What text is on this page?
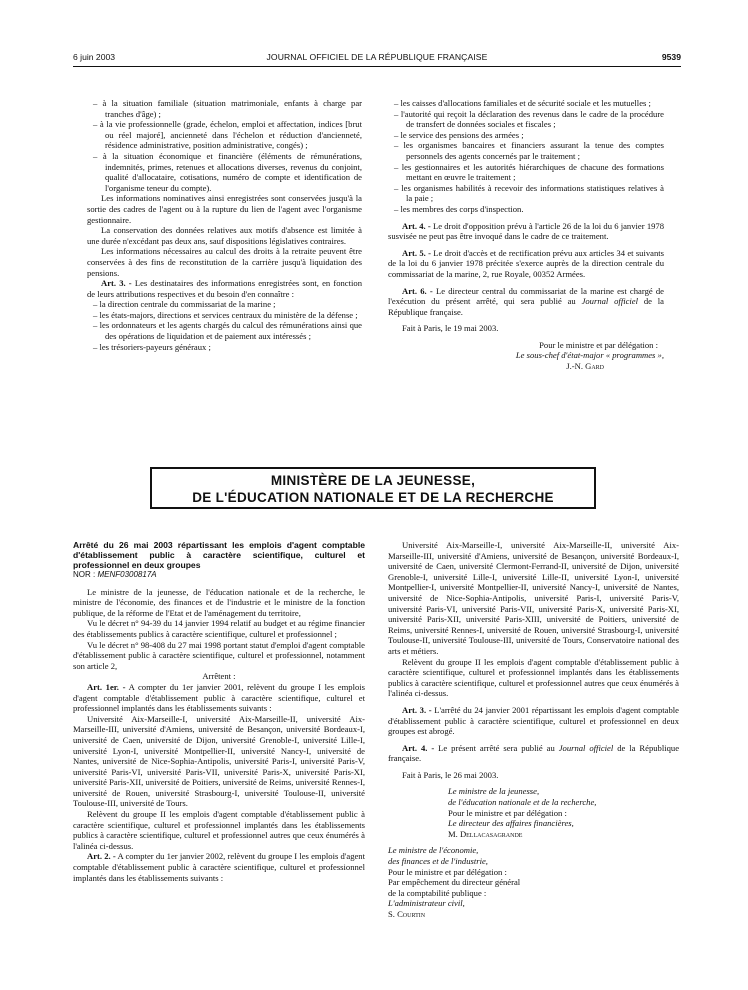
6 juin 2003	JOURNAL OFFICIEL DE LA RÉPUBLIQUE FRANÇAISE	9539

– à la situation familiale (situation matrimoniale, enfants à charge par tranches d'âge) ;

– à la vie professionnelle (grade, échelon, emploi et affectation, indices [brut ou réel majoré], ancienneté dans l'échelon et réduction d'ancienneté, résidence administrative, position administrative, congés) ;

– à la situation économique et financière (éléments de rémunérations, indemnités, primes, retenues et allocations diverses, revenus du conjoint, qualité d'allocataire, cotisations, numéro de compte et identification de l'organisme teneur du compte).

Les informations nominatives ainsi enregistrées sont conservées jusqu'à la sortie des cadres de l'agent ou à la rupture du lien de l'agent avec l'organisme gestionnaire.

La conservation des données relatives aux motifs d'absence est limitée à une durée n'excédant pas deux ans, sauf dispositions législatives contraires.

Les informations nécessaires au calcul des droits à la retraite peuvent être conservées à des fins de reconstitution de la carrière jusqu'à liquidation des pensions.

Art. 3. - Les destinataires des informations enregistrées sont, en fonction de leurs attributions respectives et du besoin d'en connaître :

– la direction centrale du commissariat de la marine ;

– les états-majors, directions et services centraux du ministère de la défense ;

– les ordonnateurs et les agents chargés du calcul des rémunérations ainsi que des opérations de liquidation et de paiement aux intéressés ;

– les trésoriers-payeurs généraux ;

– les caisses d'allocations familiales et de sécurité sociale et les mutuelles ;

– l'autorité qui reçoit la déclaration des revenus dans le cadre de la procédure de transfert de données sociales et fiscales ;

– le service des pensions des armées ;

– les organismes bancaires et financiers assurant la tenue des comptes personnels des agents concernés par le traitement ;

– les gestionnaires et les autorités hiérarchiques de chacune des formations mettant en œuvre le traitement ;

– les organismes habilités à recevoir des informations statistiques relatives à la paie ;

– les membres des corps d'inspection.

Art. 4. - Le droit d'opposition prévu à l'article 26 de la loi du 6 janvier 1978 susvisée ne peut pas être invoqué dans le cadre de ce traitement.

Art. 5. - Le droit d'accès et de rectification prévu aux articles 34 et suivants de la loi du 6 janvier 1978 précitée s'exerce auprès de la direction centrale du commissariat de la marine, 2, rue Royale, 00352 Armées.

Art. 6. - Le directeur central du commissariat de la marine est chargé de l'exécution du présent arrêté, qui sera publié au Journal officiel de la République française.

Fait à Paris, le 19 mai 2003.

Pour le ministre et par délégation :

Le sous-chef d'état-major « programmes »,

J.-N. Gard

MINISTÈRE DE LA JEUNESSE,
DE L'ÉDUCATION NATIONALE ET DE LA RECHERCHE

Arrêté du 26 mai 2003 répartissant les emplois d'agent comptable d'établissement public à caractère scientifique, culturel et professionnel en deux groupes

NOR : MENF0300817A

Le ministre de la jeunesse, de l'éducation nationale et de la recherche, le ministre de l'économie, des finances et de l'industrie et le ministre de la fonction publique, de la réforme de l'Etat et de l'aménagement du territoire,

Vu le décret n° 94-39 du 14 janvier 1994 relatif au budget et au régime financier des établissements publics à caractère scientifique, culturel et professionnel ;

Vu le décret n° 98-408 du 27 mai 1998 portant statut d'emploi d'agent comptable d'établissement public à caractère scientifique, culturel et professionnel, notamment son article 2,

Arrêtent :

Art. 1er. - A compter du 1er janvier 2001, relèvent du groupe I les emplois d'agent comptable d'établissement public à caractère scientifique, culturel et professionnel implantés dans les établissements suivants :

Université Aix-Marseille-I, université Aix-Marseille-II, université Aix-Marseille-III, université d'Amiens, université de Besançon, université Bordeaux-I, université de Caen, université de Dijon, université Grenoble-I, université Lille-I, université Lyon-I, université Montpellier-II, université Nancy-I, université de Nantes, université de Nice-Sophia-Antipolis, université Paris-I, université Paris-V, université Paris-VI, université Paris-VII, université Paris-X, université Paris-XI, université Paris-XII, université de Poitiers, université de Reims, université Rennes-I, université de Rouen, université Strasbourg-I, université Toulouse-II, université Toulouse-III, université de Tours.

Relèvent du groupe II les emplois d'agent comptable d'établissement public à caractère scientifique, culturel et professionnel implantés dans les établissements publics à caractère scientifique, culturel et professionnel autres que ceux énumérés à l'alinéa ci-dessus.

Art. 2. - A compter du 1er janvier 2002, relèvent du groupe I les emplois d'agent comptable d'établissement public à caractère scientifique, culturel et professionnel implantés dans les établissements suivants :

Université Aix-Marseille-I, université Aix-Marseille-II, université Aix-Marseille-III, université d'Amiens, université de Besançon, université Bordeaux-I, université de Caen, université Clermont-Ferrand-II, université de Dijon, université Grenoble-I, université Lille-I, université Lille-II, université Lyon-I, université Montpellier-I, université Montpellier-II, université Nancy-I, université de Nantes, université de Nice-Sophia-Antipolis, université Paris-I, université Paris-V, université Paris-VI, université Paris-VII, université Paris-X, université Paris-XI, université Paris-XII, université Paris-XIII, université de Poitiers, université de Reims, université Rennes-I, université de Rouen, université Strasbourg-I, université Toulouse-II, université Toulouse-III, université de Tours, Conservatoire national des arts et métiers.

Relèvent du groupe II les emplois d'agent comptable d'établissement public à caractère scientifique, culturel et professionnel implantés dans les établissements publics à caractère scientifique, culturel et professionnel autres que ceux énumérés à l'alinéa ci-dessus.

Art. 3. - L'arrêté du 24 janvier 2001 répartissant les emplois d'agent comptable d'établissement public à caractère scientifique, culturel et professionnel en deux groupes est abrogé.

Art. 4. - Le présent arrêté sera publié au Journal officiel de la République française.

Fait à Paris, le 26 mai 2003.

Le ministre de la jeunesse,

de l'éducation nationale et de la recherche,

Pour le ministre et par délégation :

Le directeur des affaires financières,

M. Dellacasagrande

Le ministre de l'économie,

des finances et de l'industrie,

Pour le ministre et par délégation :

Par empêchement du directeur général

de la comptabilité publique :

L'administrateur civil,

S. Courtin
